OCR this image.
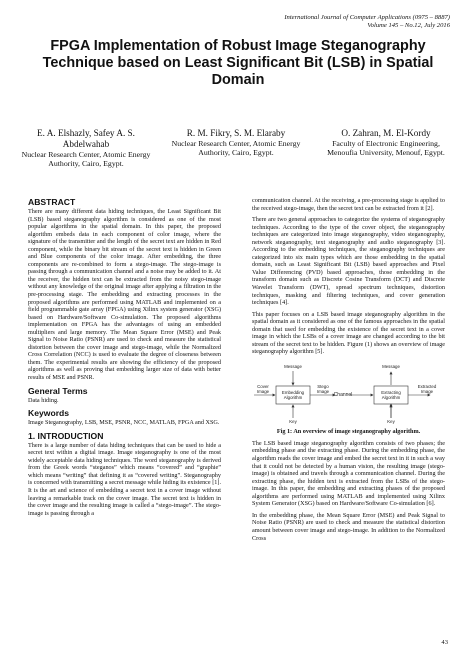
International Journal of Computer Applications (0975 – 8887)
Volume 145 – No.12, July 2016
FPGA Implementation of Robust Image Steganography Technique based on Least Significant Bit (LSB) in Spatial Domain
E. A. Elshazly, Safey A. S. Abdelwahab
Nuclear Research Center, Atomic Energy Authority, Cairo, Egypt.
R. M. Fikry, S. M. Elaraby
Nuclear Research Center, Atomic Energy Authority, Cairo, Egypt.
O. Zahran, M. El-Kordy
Faculty of Electronic Engineering, Menoufia University, Menouf, Egypt.
ABSTRACT

There are many different data hiding techniques, the Least Significant Bit (LSB) based steganography algorithm is considered as one of the most popular algorithms in the spatial domain. In this paper, the proposed algorithm embeds data in each component of color image, where the signature of the transmitter and the length of the secret text are hidden in Red component, while the binary bit stream of the secret text is hidden in Green and Blue components of the color image. After embedding, the three components are re-combined to form a stego-image. The stego-image is passing through a communication channel and a noise may be added to it. At the receiver, the hidden text can be extracted from the noisy stego-image without any knowledge of the original image after applying a filtration in the pre-processing stage. The embedding and extracting processes in the proposed algorithms are performed using MATLAB and implemented on a field programmable gate array (FPGA) using Xilinx system generator (XSG) based on Hardware/Software Co-simulation. The proposed algorithms implementation on FPGA has the advantages of using an embedded multipliers and large memory. The Mean Square Error (MSE) and Peak Signal to Noise Ratio (PSNR) are used to check and measure the statistical distortion between the cover image and stego-image, while the Normalized Cross Correlation (NCC) is used to evaluate the degree of closeness between them. The experimental results are showing the efficiency of the proposed algorithms as well as proving that embedding larger size of data with better results of MSE and PSNR.

General Terms

Data hiding.

Keywords

Image Steganography, LSB, MSE, PSNR, NCC, MATLAB, FPGA and XSG.

1. INTRODUCTION

There is a large number of data hiding techniques that can be used to hide a secret text within a digital image. Image steganography is one of the most widely acceptable data hiding techniques. The word steganography is derived from the Greek words “steganos” which means “covered” and “graphie” which means “writing” that defining it as “covered writing”. Steganography is concerned with transmitting a secret message while hiding its existence [1]. It is the art and science of embedding a secret text in a cover image without leaving a remarkable track on the cover image. The secret text is hidden in the cover image and the resulting image is called a “stego-image”. The stego-image is passing through a

communication channel. At the receiving, a pre-processing stage is applied to the received stego-image, then the secret text can be extracted from it [2].

There are two general approaches to categorize the systems of steganography techniques. According to the type of the cover object, the steganography techniques are categorized into image steganography, video steganography, network steganography, text steganography and audio steganography [3]. According to the embedding techniques, the steganography techniques are categorized into six main types which are those embedding in the spatial domain, such as Least Significant Bit (LSB) based approaches and Pixel Value Differencing (PVD) based approaches, those embedding in the transform domain such as Discrete Cosine Transform (DCT) and Discrete Wavelet Transform (DWT), spread spectrum techniques, distortion techniques, masking and filtering techniques, and cover generation techniques [4].

This paper focuses on a LSB based image steganography algorithm in the spatial domain as it considered as one of the famous approaches in the spatial domain that used for embedding the existence of the secret text in a cover image in which the LSBs of a cover image are changed according to the bit stream of the secret text to be hidden. Figure (1) shows an overview of image steganography algorithm [5].

Message	Message
Cover Image	Embedding Algorithm
Stego Image
Channel	Extracting Algorithm
Extracted Image
Key	Key
Fig 1: An overview of image steganography algorithm.

The LSB based image steganography algorithm consists of two phases; the embedding phase and the extracting phase. During the embedding phase, the algorithm reads the cover image and embed the secret text in it in such a way that it could not be detected by a human vision, the resulting image (stego-image) is obtained and travels through a communication channel. During the extracting phase, the hidden text is extracted from the LSBs of the stego-image. In this paper, the embedding and extracting phases of the proposed algorithms are performed using MATLAB and implemented using Xilinx System Generator (XSG) based on Hardware/Software Co-simulation [6].

In the embedding phase, the Mean Square Error (MSE) and Peak Signal to Noise Ratio (PSNR) are used to check and measure the statistical distortion amount between cover image and stego-image. In addition to the Normalized Cross

43
